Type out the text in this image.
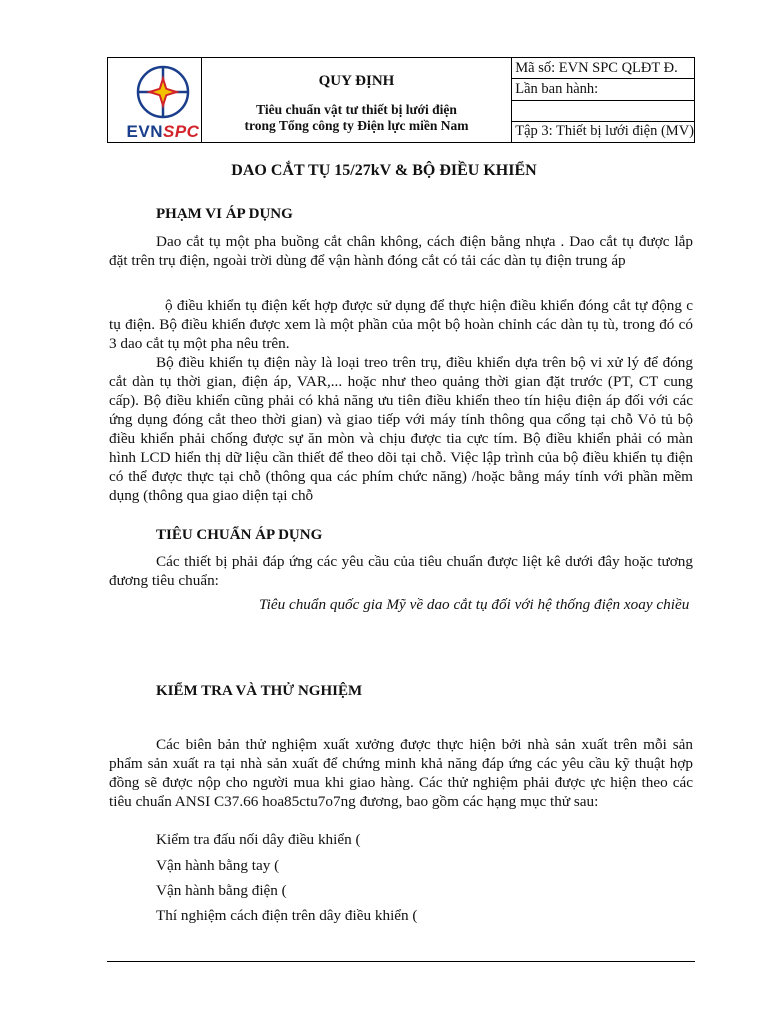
EVNSPC
QUY ĐỊNH
Tiêu chuẩn vật tư thiết bị lưới điện
trong Tổng công ty Điện lực miền Nam
Mã số: EVN SPC QLĐT Đ.
Lần ban hành:
Tập 3: Thiết bị lưới điện (MV)
DAO CẮT TỤ 15/27kV & BỘ ĐIỀU KHIỂN
PHẠM VI ÁP DỤNG

Dao cắt tụ một pha buồng cắt chân không, cách điện bằng nhựa . Dao cắt tụ được lắp đặt trên trụ điện, ngoài trời dùng để vận hành đóng cắt có tải các dàn tụ điện trung áp

ộ điều khiển tụ điện kết hợp được sử dụng để thực hiện điều khiển đóng cắt tự động c tụ điện. Bộ điều khiển được xem là một phần của một bộ hoàn chỉnh các dàn tụ tù, trong đó có 3 dao cắt tụ một pha nêu trên.

Bộ điều khiển tụ điện này là loại treo trên trụ, điều khiển dựa trên bộ vi xử lý để đóng cắt dàn tụ thời gian, điện áp, VAR,... hoặc như theo quảng thời gian đặt trước (PT, CT cung cấp). Bộ điều khiển cũng phải có khả năng ưu tiên điều khiển theo tín hiệu điện áp đối với các ứng dụng đóng cắt theo thời gian) và giao tiếp với máy tính thông qua cổng tại chỗ Vỏ tủ bộ điều khiển phải chống được sự ăn mòn và chịu được tia cực tím. Bộ điều khiển phải có màn hình LCD hiển thị dữ liệu cần thiết để theo dõi tại chỗ. Việc lập trình của bộ điều khiển tụ điện có thể được thực tại chỗ (thông qua các phím chức năng) /hoặc bằng máy tính với phần mềm dụng (thông qua giao diện tại chỗ

TIÊU CHUẨN ÁP DỤNG

Các thiết bị phải đáp ứng các yêu cầu của tiêu chuẩn được liệt kê dưới đây hoặc tương đương tiêu chuẩn:

Tiêu chuẩn quốc gia Mỹ về dao cắt tụ đối với hệ thống điện xoay chiều
KIỂM TRA VÀ THỬ NGHIỆM

Các biên bản thử nghiệm xuất xưởng được thực hiện bởi nhà sản xuất trên mỗi sản phẩm sản xuất ra tại nhà sản xuất để chứng minh khả năng đáp ứng các yêu cầu kỹ thuật hợp đồng sẽ được nộp cho người mua khi giao hàng. Các thử nghiệm phải được ực hiện theo các tiêu chuẩn ANSI C37.66 hoa85ctu7o7ng đương, bao gồm các hạng mục thử sau:

Kiểm tra đấu nối dây điều khiển (
Vận hành bằng tay (
Vận hành bằng điện (
Thí nghiệm cách điện trên dây điều khiển (
